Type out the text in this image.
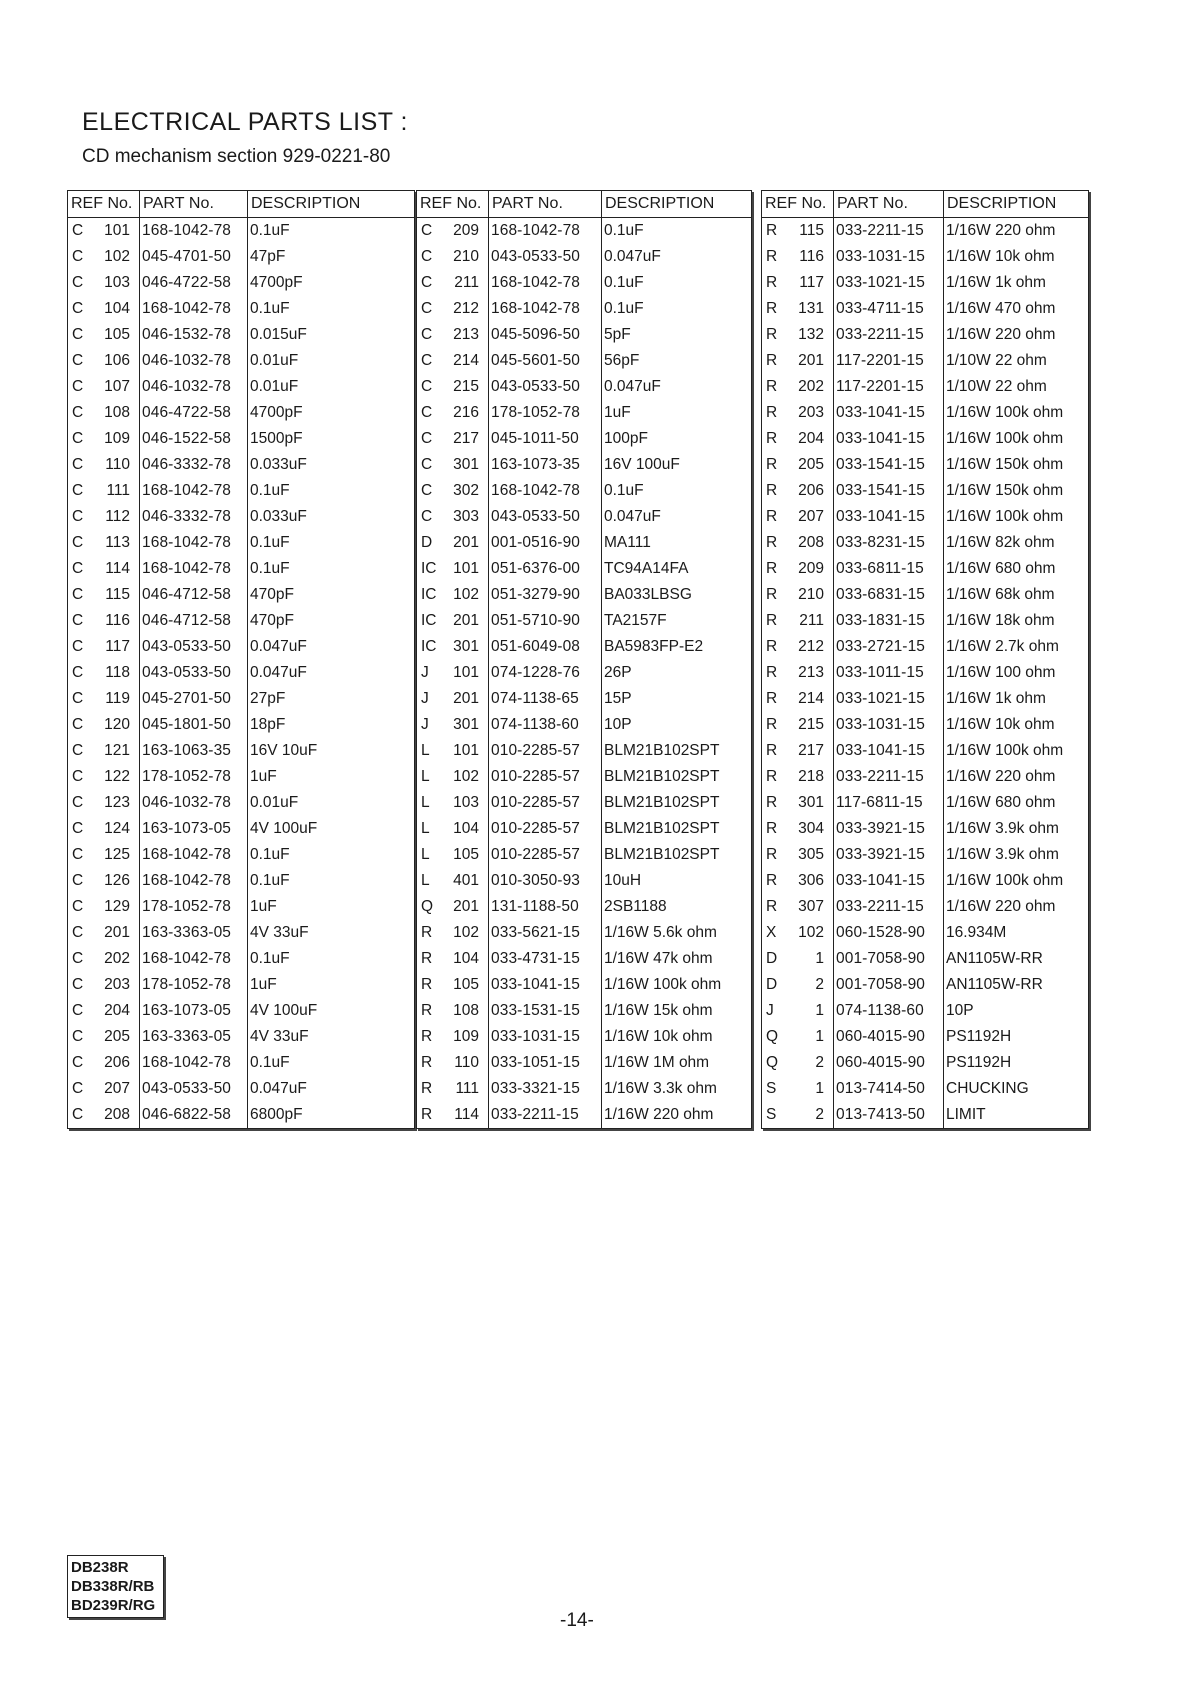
ELECTRICAL PARTS LIST :
CD mechanism section 929-0221-80
REF No. PART No.	DESCRIPTION
C	101 168-1042-78	0.1uF
C	102 045-4701-50	47pF
C	103 046-4722-58	4700pF
C	104 168-1042-78	0.1uF
C	105 046-1532-78	0.015uF
C	106 046-1032-78	0.01uF
C	107 046-1032-78	0.01uF
C	108 046-4722-58	4700pF
C	109 046-1522-58	1500pF
C	110 046-3332-78	0.033uF
C	111 168-1042-78	0.1uF
C	112 046-3332-78	0.033uF
C	113 168-1042-78	0.1uF
C	114 168-1042-78	0.1uF
C	115 046-4712-58	470pF
C	116 046-4712-58	470pF
C	117 043-0533-50	0.047uF
C	118 043-0533-50	0.047uF
C	119 045-2701-50	27pF
C	120 045-1801-50	18pF
C	121 163-1063-35	16V 10uF
C	122 178-1052-78	1uF
C	123 046-1032-78	0.01uF
C	124 163-1073-05	4V 100uF
C	125 168-1042-78	0.1uF
C	126 168-1042-78	0.1uF
C	129 178-1052-78	1uF
C	201 163-3363-05	4V 33uF
C	202 168-1042-78	0.1uF
C	203 178-1052-78	1uF
C	204 163-1073-05	4V 100uF
C	205 163-3363-05	4V 33uF
C	206 168-1042-78	0.1uF
C	207 043-0533-50	0.047uF
C	208 046-6822-58	6800pF
REF No. PART No.	DESCRIPTION
C	209 168-1042-78	0.1uF
C	210 043-0533-50	0.047uF
C	211 168-1042-78	0.1uF
C	212 168-1042-78	0.1uF
C	213 045-5096-50	5pF
C	214 045-5601-50	56pF
C	215 043-0533-50	0.047uF
C	216 178-1052-78	1uF
C	217 045-1011-50	100pF
C	301 163-1073-35	16V 100uF
C	302 168-1042-78	0.1uF
C	303 043-0533-50	0.047uF
D	201 001-0516-90	MA111
IC	101 051-6376-00	TC94A14FA
IC	102 051-3279-90	BA033LBSG
IC	201 051-5710-90	TA2157F
IC	301 051-6049-08	BA5983FP-E2
J	101 074-1228-76	26P
J	201 074-1138-65	15P
J	301 074-1138-60	10P
L	101 010-2285-57	BLM21B102SPT
L	102 010-2285-57	BLM21B102SPT
L	103 010-2285-57	BLM21B102SPT
L	104 010-2285-57	BLM21B102SPT
L	105 010-2285-57	BLM21B102SPT
L	401 010-3050-93	10uH
Q	201 131-1188-50	2SB1188
R	102 033-5621-15	1/16W 5.6k ohm
R	104 033-4731-15	1/16W 47k ohm
R	105 033-1041-15	1/16W 100k ohm
R	108 033-1531-15	1/16W 15k ohm
R	109 033-1031-15	1/16W 10k ohm
R	110 033-1051-15	1/16W 1M ohm
R	111 033-3321-15	1/16W 3.3k ohm
R	114 033-2211-15	1/16W 220 ohm
REF No. PART No.	DESCRIPTION
R	115 033-2211-15	1/16W 220 ohm
R	116 033-1031-15	1/16W 10k ohm
R	117 033-1021-15	1/16W 1k ohm
R	131 033-4711-15	1/16W 470 ohm
R	132 033-2211-15	1/16W 220 ohm
R	201 117-2201-15	1/10W 22 ohm
R	202 117-2201-15	1/10W 22 ohm
R	203 033-1041-15	1/16W 100k ohm
R	204 033-1041-15	1/16W 100k ohm
R	205 033-1541-15	1/16W 150k ohm
R	206 033-1541-15	1/16W 150k ohm
R	207 033-1041-15	1/16W 100k ohm
R	208 033-8231-15	1/16W 82k ohm
R	209 033-6811-15	1/16W 680 ohm
R	210 033-6831-15	1/16W 68k ohm
R	211 033-1831-15	1/16W 18k ohm
R	212 033-2721-15	1/16W 2.7k ohm
R	213 033-1011-15	1/16W 100 ohm
R	214 033-1021-15	1/16W 1k ohm
R	215 033-1031-15	1/16W 10k ohm
R	217 033-1041-15	1/16W 100k ohm
R	218 033-2211-15	1/16W 220 ohm
R	301 117-6811-15	1/16W 680 ohm
R	304 033-3921-15	1/16W 3.9k ohm
R	305 033-3921-15	1/16W 3.9k ohm
R	306 033-1041-15	1/16W 100k ohm
R	307 033-2211-15	1/16W 220 ohm
X	102 060-1528-90	16.934M
D	1 001-7058-90	AN1105W-RR
D	2 001-7058-90	AN1105W-RR
J	1 074-1138-60	10P
Q	1 060-4015-90	PS1192H
Q	2 060-4015-90	PS1192H
S	1 013-7414-50	CHUCKING
S	2 013-7413-50	LIMIT
DB238R
DB338R/RB
BD239R/RG
-14-
